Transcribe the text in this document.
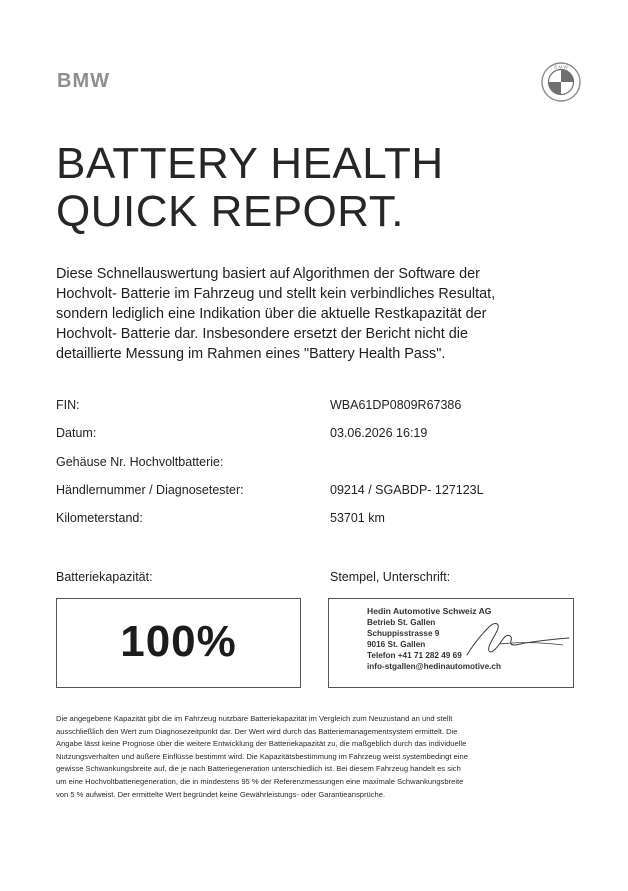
BMW
B M W
BATTERY HEALTH
QUICK REPORT.
Diese Schnellauswertung basiert auf Algorithmen der Software der
Hochvolt- Batterie im Fahrzeug und stellt kein verbindliches Resultat,
sondern lediglich eine Indikation über die aktuelle Restkapazität der
Hochvolt- Batterie dar. Insbesondere ersetzt der Bericht nicht die
detaillierte Messung im Rahmen eines "Battery Health Pass".
FIN:	WBA61DP0809R67386
Datum:	03.06.2026 16:19
Gehäuse Nr. Hochvoltbatterie:
Händlernummer / Diagnosetester:	09214 / SGABDP- 127123L
Kilometerstand:	53701 km
Batteriekapazität:	Stempel, Unterschrift:
100%
Hedin Automotive Schweiz AG
Betrieb St. Gallen
Schuppisstrasse 9
9016 St. Gallen
Telefon +41 71 282 49 69
info-stgallen@hedinautomotive.ch
Die angegebene Kapazität gibt die im Fahrzeug nutzbare Batteriekapazität im Vergleich zum Neuzustand an und stellt
ausschließlich den Wert zum Diagnosezeitpunkt dar. Der Wert wird durch das Batteriemanagementsystem ermittelt. Die
Angabe lässt keine Prognose über die weitere Entwicklung der Batteriekapazität zu, die maßgeblich durch das individuelle
Nutzungsverhalten und äußere Einflüsse bestimmt wird. Die Kapazitätsbestimmung im Fahrzeug weist systembedingt eine
gewisse Schwankungsbreite auf, die je nach Batteriegeneration unterschiedlich ist. Bei diesem Fahrzeug handelt es sich
um eine Hochvoltbatteriegeneration, die in mindestens 95 % der Referenzmessungen eine maximale Schwankungsbreite
von 5 % aufweist. Der ermittelte Wert begründet keine Gewährleistungs- oder Garantieansprüche.
